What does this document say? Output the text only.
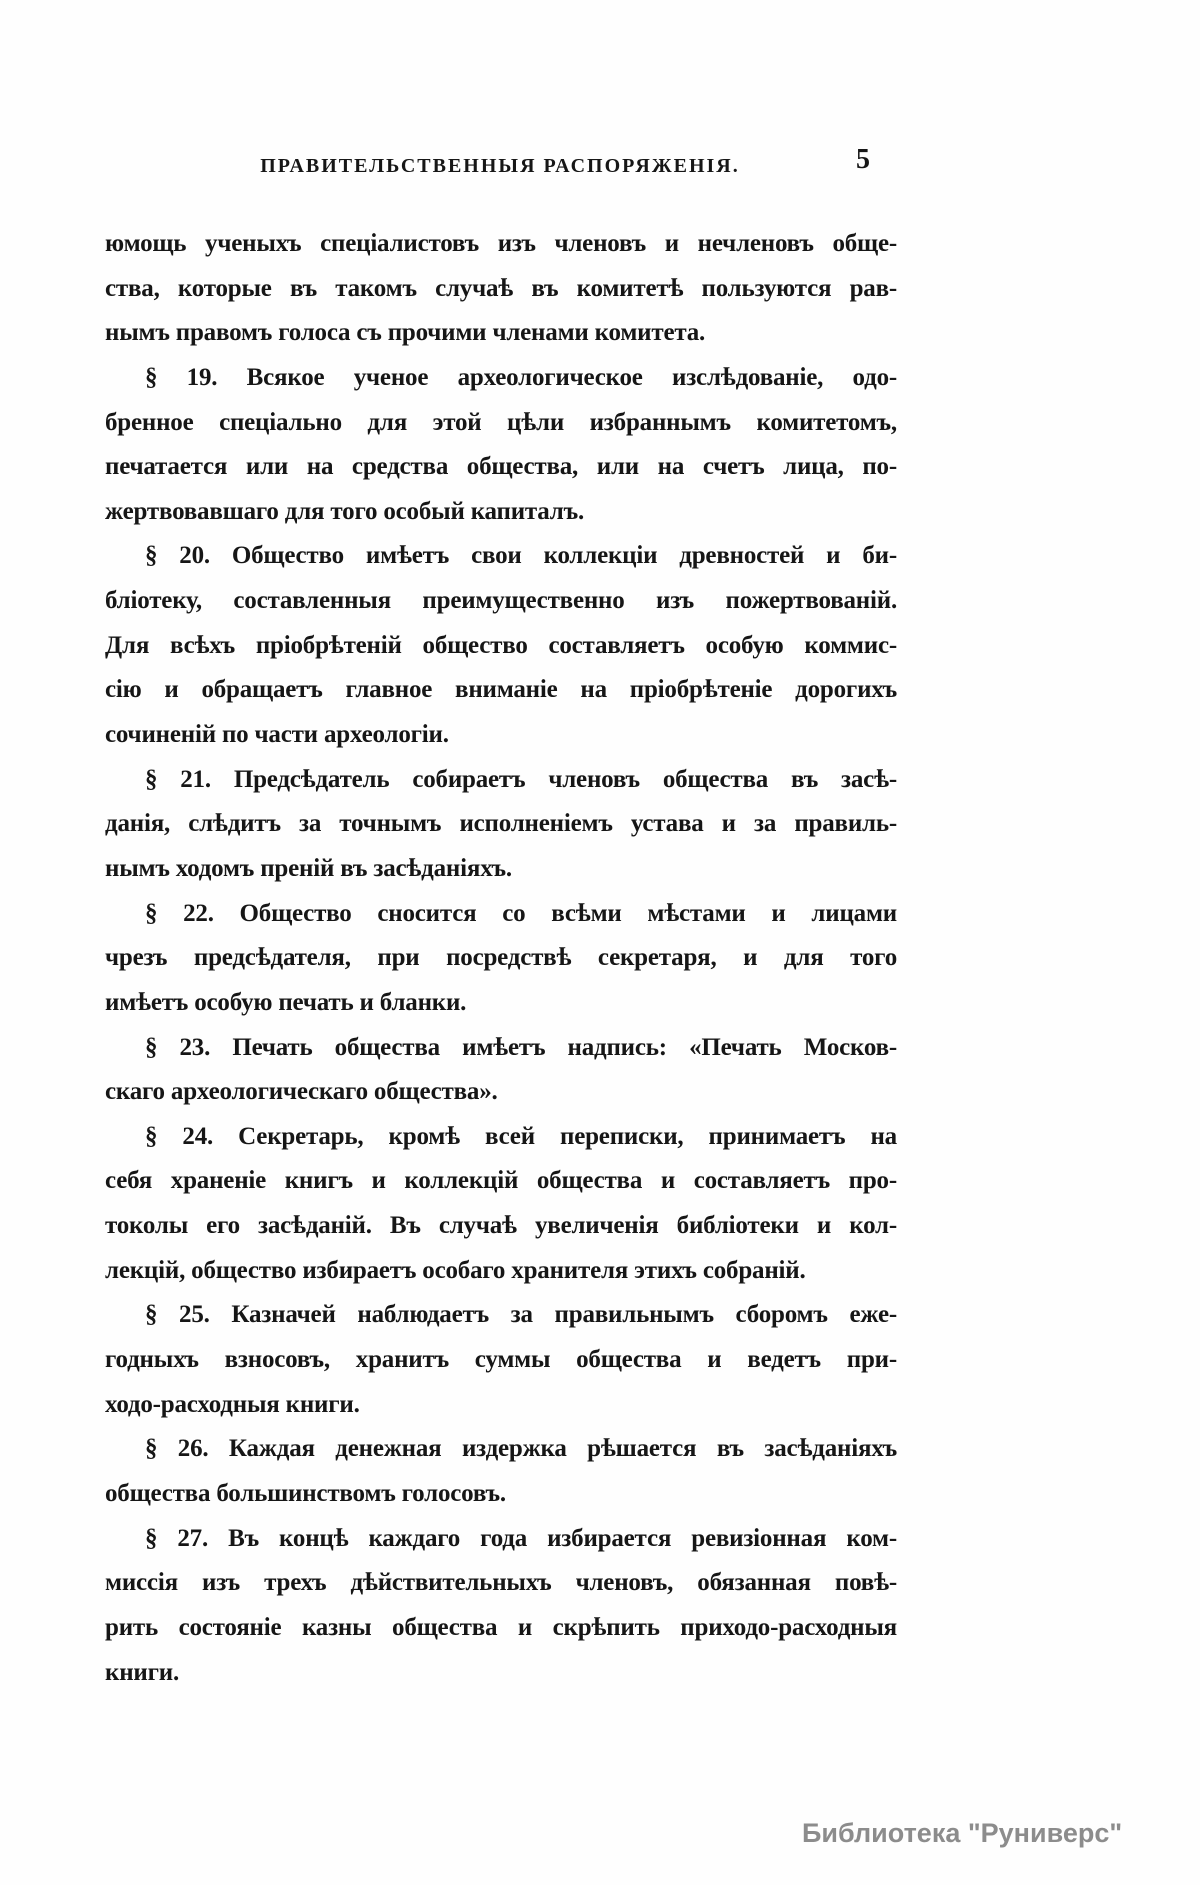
ПРАВИТЕЛЬСТВЕННЫЯ РАСПОРЯЖЕНІЯ.	5
юмощь ученыхъ спеціалистовъ изъ членовъ и нечленовъ обще-
ства, которые въ такомъ случаѣ въ комитетѣ пользуются рав-
нымъ правомъ голоса съ прочими членами комитета.
§ 19. Всякое ученое археологическое изслѣдованіе, одо-
бренное спеціально для этой цѣли избраннымъ комитетомъ,
печатается или на средства общества, или на счетъ лица, по-
жертвовавшаго для того особый капиталъ.
§ 20. Общество имѣетъ свои коллекціи древностей и би-
бліотеку, составленныя преимущественно изъ пожертвованій.
Для всѣхъ пріобрѣтеній общество составляетъ особую коммис-
сію и обращаетъ главное вниманіе на пріобрѣтеніе дорогихъ
сочиненій по части археологіи.
§ 21. Предсѣдатель собираетъ членовъ общества въ засѣ-
данія, слѣдитъ за точнымъ исполненіемъ устава и за правиль-
нымъ ходомъ преній въ засѣданіяхъ.
§ 22. Общество сносится со всѣми мѣстами и лицами
чрезъ предсѣдателя, при посредствѣ секретаря, и для того
имѣетъ особую печать и бланки.
§ 23. Печать общества имѣетъ надпись: «Печать Москов-
скаго археологическаго общества».
§ 24. Секретарь, кромѣ всей переписки, принимаетъ на
себя храненіе книгъ и коллекцій общества и составляетъ про-
токолы его засѣданій. Въ случаѣ увеличенія библіотеки и кол-
лекцій, общество избираетъ особаго хранителя этихъ собраній.
§ 25. Казначей наблюдаетъ за правильнымъ сборомъ еже-
годныхъ взносовъ, хранитъ суммы общества и ведетъ при-
ходо-расходныя книги.
§ 26. Каждая денежная издержка рѣшается въ засѣданіяхъ
общества большинствомъ голосовъ.
§ 27. Въ концѣ каждаго года избирается ревизіонная ком-
миссія изъ трехъ дѣйствительныхъ членовъ, обязанная повѣ-
рить состояніе казны общества и скрѣпить приходо-расходныя
книги.
Библиотека "Руниверс"
